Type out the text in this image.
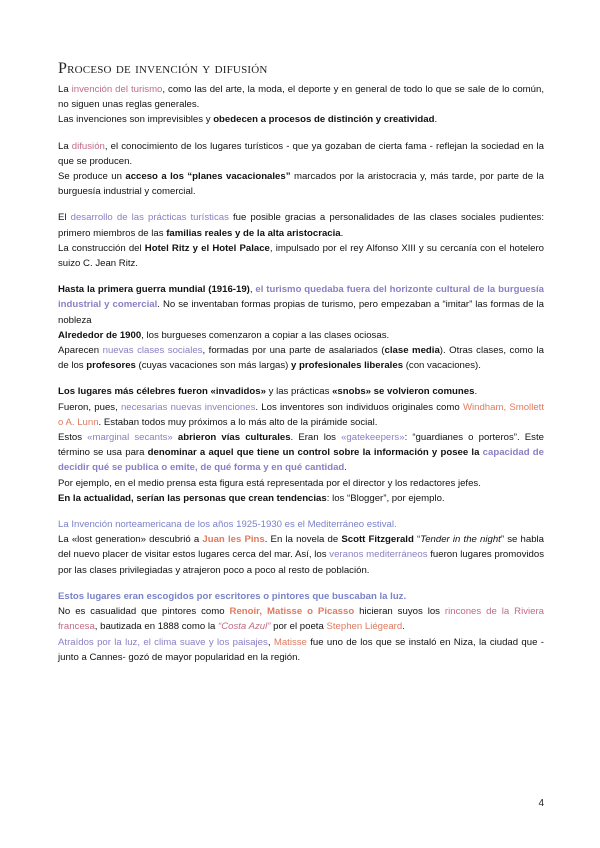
Proceso de invención y difusión

La invención del turismo, como las del arte, la moda, el deporte y en general de todo lo que se sale de lo común, no siguen unas reglas generales.
Las invenciones son imprevisibles y obedecen a procesos de distinción y creatividad.

La difusión, el conocimiento de los lugares turísticos - que ya gozaban de cierta fama - reflejan la sociedad en la que se producen.
Se produce un acceso a los “planes vacacionales” marcados por la aristocracia y, más tarde, por parte de la burguesía industrial y comercial.

El desarrollo de las prácticas turísticas fue posible gracias a personalidades de las clases sociales pudientes: primero miembros de las familias reales y de la alta aristocracia.
La construcción del Hotel Ritz y el Hotel Palace, impulsado por el rey Alfonso XIII y su cercanía con el hotelero suizo C. Jean Ritz.

Hasta la primera guerra mundial (1916-19), el turismo quedaba fuera del horizonte cultural de la burguesía industrial y comercial. No se inventaban formas propias de turismo, pero empezaban a “imitar” las formas de la nobleza
Alrededor de 1900, los burgueses comenzaron a copiar a las clases ociosas.
Aparecen nuevas clases sociales, formadas por una parte de asalariados (clase media). Otras clases, como la de los profesores (cuyas vacaciones son más largas) y profesionales liberales (con vacaciones).

Los lugares más célebres fueron «invadidos» y las prácticas «snobs» se volvieron comunes.
Fueron, pues, necesarias nuevas invenciones. Los inventores son individuos originales como Windham, Smollett o A. Lunn. Estaban todos muy próximos a lo más alto de la pirámide social.
Estos «marginal secants» abrieron vías culturales. Eran los «gatekeepers»: “guardianes o porteros”. Este término se usa para denominar a aquel que tiene un control sobre la información y posee la capacidad de decidir qué se publica o emite, de qué forma y en qué cantidad.
Por ejemplo, en el medio prensa esta figura está representada por el director y los redactores jefes.
En la actualidad, serían las personas que crean tendencias: los “Blogger”, por ejemplo.

La Invención norteamericana de los años 1925-1930 es el Mediterráneo estival.
La «lost generation» descubrió a Juan les Pins. En la novela de Scott Fitzgerald “Tender in the night” se habla del nuevo placer de visitar estos lugares cerca del mar. Así, los veranos mediterráneos fueron lugares promovidos por las clases privilegiadas y atrajeron poco a poco al resto de población.

Estos lugares eran escogidos por escritores o pintores que buscaban la luz.
No es casualidad que pintores como Renoir, Matisse o Picasso hicieran suyos los rincones de la Riviera francesa, bautizada en 1888 como la “Costa Azul” por el poeta Stephen Liégeard.
Atraídos por la luz, el clima suave y los paisajes, Matisse fue uno de los que se instaló en Niza, la ciudad que -junto a Cannes- gozó de mayor popularidad en la región.

4
